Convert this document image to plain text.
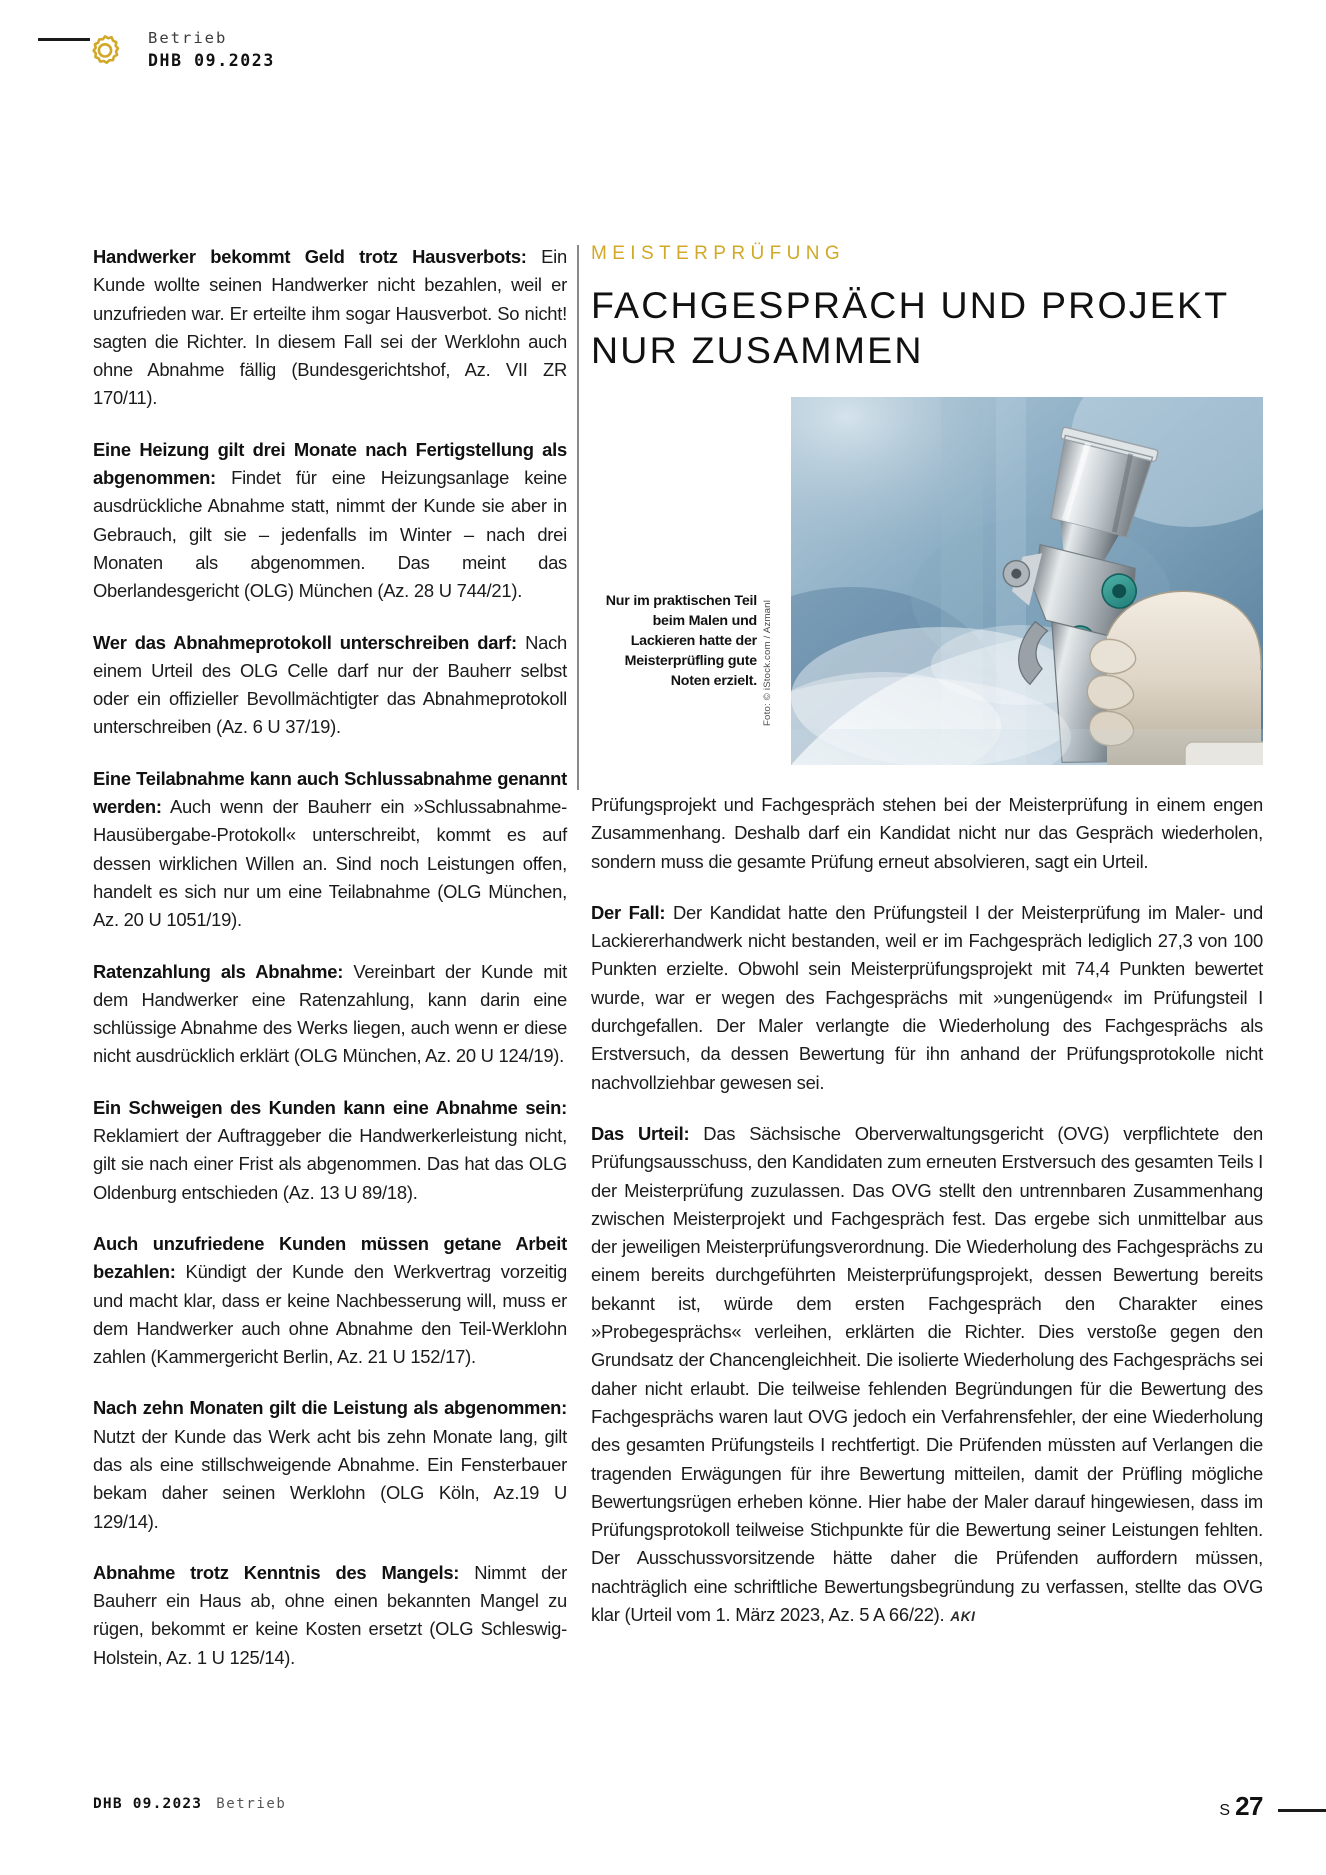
Betrieb
DHB 09.2023

Handwerker bekommt Geld trotz Hausverbots: Ein Kunde wollte seinen Handwerker nicht bezahlen, weil er unzufrieden war. Er erteilte ihm sogar Hausverbot. So nicht! sagten die Richter. In diesem Fall sei der Werklohn auch ohne Abnahme fällig (Bundesgerichtshof, Az. VII ZR 170/11).

Eine Heizung gilt drei Monate nach Fertigstellung als abgenommen: Findet für eine Heizungsanlage keine ausdrückliche Abnahme statt, nimmt der Kunde sie aber in Gebrauch, gilt sie – jedenfalls im Winter – nach drei Monaten als abgenommen. Das meint das Oberlandesgericht (OLG) München (Az. 28 U 744/21).

Wer das Abnahmeprotokoll unterschreiben darf: Nach einem Urteil des OLG Celle darf nur der Bauherr selbst oder ein offizieller Bevollmächtigter das Abnahmeprotokoll unterschreiben (Az. 6 U 37/19).

Eine Teilabnahme kann auch Schlussabnahme genannt werden: Auch wenn der Bauherr ein »Schlussabnahme-Hausübergabe-Protokoll« unterschreibt, kommt es auf dessen wirklichen Willen an. Sind noch Leistungen offen, handelt es sich nur um eine Teilabnahme (OLG München, Az. 20 U 1051/19).

Ratenzahlung als Abnahme: Vereinbart der Kunde mit dem Handwerker eine Ratenzahlung, kann darin eine schlüssige Abnahme des Werks liegen, auch wenn er diese nicht ausdrücklich erklärt (OLG München, Az. 20 U 124/19).

Ein Schweigen des Kunden kann eine Abnahme sein: Reklamiert der Auftraggeber die Handwerkerleistung nicht, gilt sie nach einer Frist als abgenommen. Das hat das OLG Oldenburg entschieden (Az. 13 U 89/18).

Auch unzufriedene Kunden müssen getane Arbeit bezahlen: Kündigt der Kunde den Werkvertrag vorzeitig und macht klar, dass er keine Nachbesserung will, muss er dem Handwerker auch ohne Abnahme den Teil-Werklohn zahlen (Kammergericht Berlin, Az. 21 U 152/17).

Nach zehn Monaten gilt die Leistung als abgenommen: Nutzt der Kunde das Werk acht bis zehn Monate lang, gilt das als eine stillschweigende Abnahme. Ein Fensterbauer bekam daher seinen Werklohn (OLG Köln, Az.19 U 129/14).

Abnahme trotz Kenntnis des Mangels: Nimmt der Bauherr ein Haus ab, ohne einen bekannten Mangel zu rügen, bekommt er keine Kosten ersetzt (OLG Schleswig-Holstein, Az. 1 U 125/14).

MEISTERPRÜFUNG
FACHGESPRÄCH UND PROJEKT NUR ZUSAMMEN
Nur im praktischen Teil beim Malen und Lackieren hatte der Meisterprüfling gute Noten erzielt. Foto: © iStock.com / Azmanl

Prüfungsprojekt und Fachgespräch stehen bei der Meisterprüfung in einem engen Zusammenhang. Deshalb darf ein Kandidat nicht nur das Gespräch wiederholen, sondern muss die gesamte Prüfung erneut absolvieren, sagt ein Urteil.

Der Fall: Der Kandidat hatte den Prüfungsteil I der Meisterprüfung im Maler- und Lackiererhandwerk nicht bestanden, weil er im Fachgespräch lediglich 27,3 von 100 Punkten erzielte. Obwohl sein Meisterprüfungsprojekt mit 74,4 Punkten bewertet wurde, war er wegen des Fachgesprächs mit »ungenügend« im Prüfungsteil I durchgefallen. Der Maler verlangte die Wiederholung des Fachgesprächs als Erstversuch, da dessen Bewertung für ihn anhand der Prüfungsprotokolle nicht nachvollziehbar gewesen sei.

Das Urteil: Das Sächsische Oberverwaltungsgericht (OVG) verpflichtete den Prüfungsausschuss, den Kandidaten zum erneuten Erstversuch des gesamten Teils I der Meisterprüfung zuzulassen. Das OVG stellt den untrennbaren Zusammenhang zwischen Meisterprojekt und Fachgespräch fest. Das ergebe sich unmittelbar aus der jeweiligen Meisterprüfungsverordnung. Die Wiederholung des Fachgesprächs zu einem bereits durchgeführten Meisterprüfungsprojekt, dessen Bewertung bereits bekannt ist, würde dem ersten Fachgespräch den Charakter eines »Probegesprächs« verleihen, erklärten die Richter. Dies verstoße gegen den Grundsatz der Chancengleichheit. Die isolierte Wiederholung des Fachgesprächs sei daher nicht erlaubt. Die teilweise fehlenden Begründungen für die Bewertung des Fachgesprächs waren laut OVG jedoch ein Verfahrensfehler, der eine Wiederholung des gesamten Prüfungsteils I rechtfertigt. Die Prüfenden müssten auf Verlangen die tragenden Erwägungen für ihre Bewertung mitteilen, damit der Prüfling mögliche Bewertungsrügen erheben könne. Hier habe der Maler darauf hingewiesen, dass im Prüfungsprotokoll teilweise Stichpunkte für die Bewertung seiner Leistungen fehlten. Der Ausschussvorsitzende hätte daher die Prüfenden auffordern müssen, nachträglich eine schriftliche Bewertungsbegründung zu verfassen, stellte das OVG klar (Urteil vom 1. März 2023, Az. 5 A 66/22). AKI

DHB 09.2023 Betrieb	S 27
